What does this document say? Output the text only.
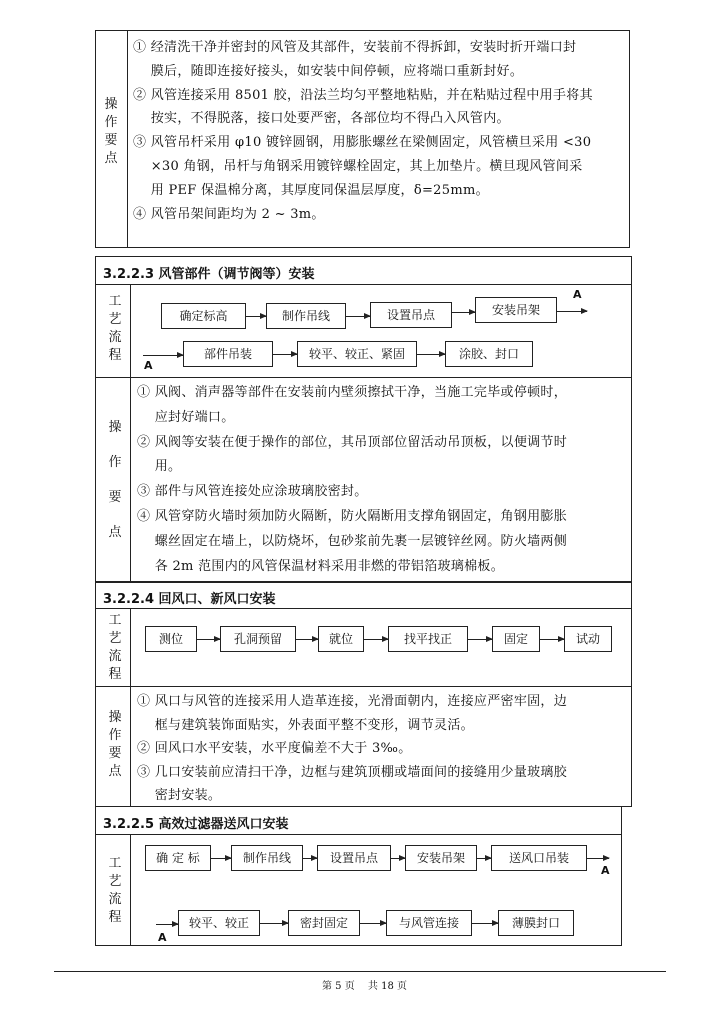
操
作
要
点
① 经清洗干净并密封的风管及其部件，安装前不得拆卸，安装时折开端口封
　 膜后，随即连接好接头，如安装中间停顿，应将端口重新封好。
② 风管连接采用 8501 胶，沿法兰均匀平整地粘贴，并在粘贴过程中用手将其
　 按实，不得脱落，接口处要严密，各部位均不得凸入风管内。
③ 风管吊杆采用 φ10 镀锌圆钢，用膨胀螺丝在梁侧固定，风管横旦采用 <30
　 ×30 角钢，吊杆与角钢采用镀锌螺栓固定，其上加垫片。横旦现风管间采
　 用 PEF 保温棉分离，其厚度同保温层厚度，δ=25mm。
④ 风管吊架间距均为 2 ~ 3m。
3.2.2.3 风管部件（调节阀等）安装
工
艺
流
程
操
作
要
点
确定标高	制作吊线	设置吊点	安装吊架
A
A
部件吊装	较平、较正、紧固	涂胶、封口
① 风阀、消声器等部件在安装前内壁须擦拭干净，当施工完毕或停顿时，
　 应封好端口。
② 风阀等安装在便于操作的部位，其吊顶部位留活动吊顶板，以便调节时
　 用。
③ 部件与风管连接处应涂玻璃胶密封。
④ 风管穿防火墙时须加防火隔断，防火隔断用支撑角钢固定，角钢用膨胀
　 螺丝固定在墙上，以防烧坏，包砂浆前先裹一层镀锌丝网。防火墙两侧
　 各 2m 范围内的风管保温材料采用非燃的带铝箔玻璃棉板。
3.2.2.4 回风口、新风口安装
工
艺
流
程
操
作
要
点
测位	孔洞预留	就位	找平找正	固定	试动
① 风口与风管的连接采用人造革连接，光滑面朝内，连接应严密牢固，边
　 框与建筑装饰面贴实，外表面平整不变形，调节灵活。
② 回风口水平安装，水平度偏差不大于 3‰。
③ 几口安装前应清扫干净，边框与建筑顶棚或墙面间的接缝用少量玻璃胶
　 密封安装。
3.2.2.5 高效过滤器送风口安装
工
艺
流
程
确 定 标	制作吊线	设置吊点	安装吊架	送风口吊装
A
A
较平、较正	密封固定	与风管连接	薄膜封口
第 5 页　 共 18 页
